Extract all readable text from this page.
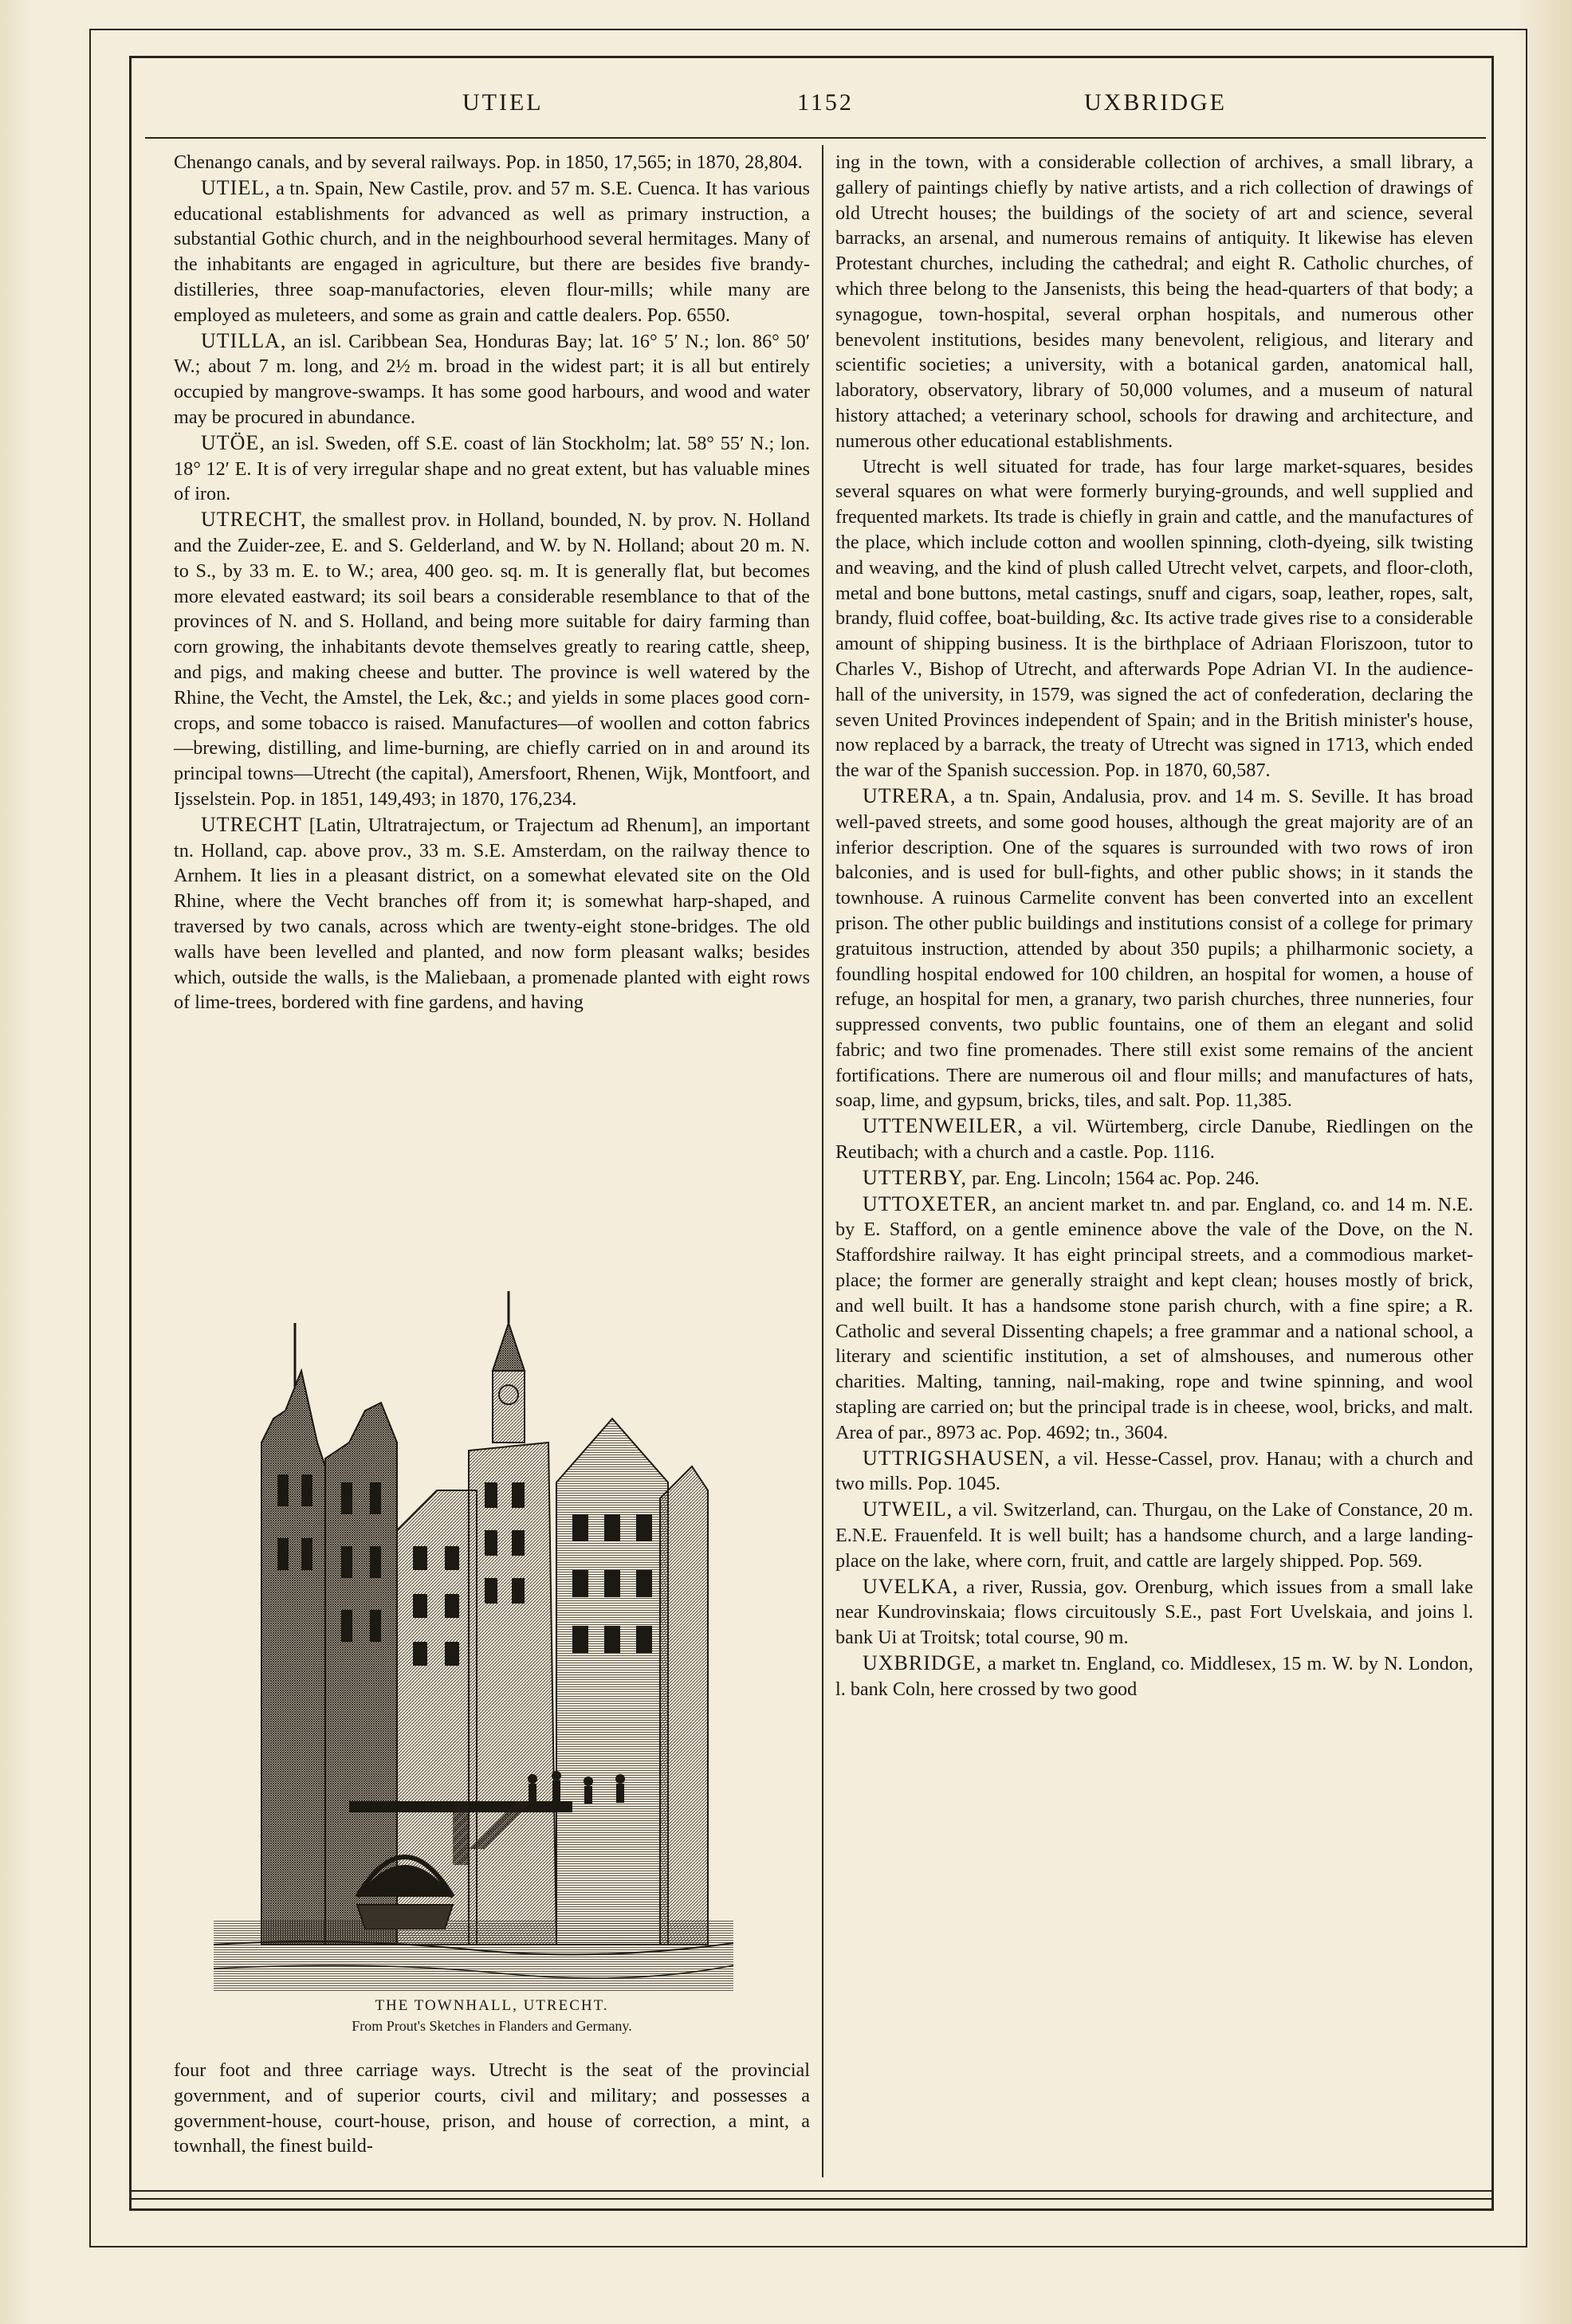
UTIEL	1152	UXBRIDGE

Chenango canals, and by several railways. Pop. in 1850, 17,565; in 1870, 28,804.

UTIEL, a tn. Spain, New Castile, prov. and 57 m. S.E. Cuenca. It has various educational establishments for advanced as well as primary instruction, a substantial Gothic church, and in the neighbourhood several hermitages. Many of the inhabitants are engaged in agriculture, but there are besides five brandy-distilleries, three soap-manufactories, eleven flour-mills; while many are employed as muleteers, and some as grain and cattle dealers. Pop. 6550.

UTILLA, an isl. Caribbean Sea, Honduras Bay; lat. 16° 5′ N.; lon. 86° 50′ W.; about 7 m. long, and 2½ m. broad in the widest part; it is all but entirely occupied by mangrove-swamps. It has some good harbours, and wood and water may be procured in abundance.

UTÖE, an isl. Sweden, off S.E. coast of län Stockholm; lat. 58° 55′ N.; lon. 18° 12′ E. It is of very irregular shape and no great extent, but has valuable mines of iron.

UTRECHT, the smallest prov. in Holland, bounded, N. by prov. N. Holland and the Zuider-zee, E. and S. Gelderland, and W. by N. Holland; about 20 m. N. to S., by 33 m. E. to W.; area, 400 geo. sq. m. It is generally flat, but becomes more elevated eastward; its soil bears a considerable resemblance to that of the provinces of N. and S. Holland, and being more suitable for dairy farming than corn growing, the inhabitants devote themselves greatly to rearing cattle, sheep, and pigs, and making cheese and butter. The province is well watered by the Rhine, the Vecht, the Amstel, the Lek, &c.; and yields in some places good corn-crops, and some tobacco is raised. Manufactures—of woollen and cotton fabrics—brewing, distilling, and lime-burning, are chiefly carried on in and around its principal towns—Utrecht (the capital), Amersfoort, Rhenen, Wijk, Montfoort, and Ijsselstein. Pop. in 1851, 149,493; in 1870, 176,234.

UTRECHT [Latin, Ultratrajectum, or Trajectum ad Rhenum], an important tn. Holland, cap. above prov., 33 m. S.E. Amsterdam, on the railway thence to Arnhem. It lies in a pleasant district, on a somewhat elevated site on the Old Rhine, where the Vecht branches off from it; is somewhat harp-shaped, and traversed by two canals, across which are twenty-eight stone-bridges. The old walls have been levelled and planted, and now form pleasant walks; besides which, outside the walls, is the Maliebaan, a promenade planted with eight rows of lime-trees, bordered with fine gardens, and having

THE TOWNHALL, UTRECHT.
From Prout's Sketches in Flanders and Germany.

four foot and three carriage ways. Utrecht is the seat of the provincial government, and of superior courts, civil and military; and possesses a government-house, court-house, prison, and house of correction, a mint, a townhall, the finest build-

ing in the town, with a considerable collection of archives, a small library, a gallery of paintings chiefly by native artists, and a rich collection of drawings of old Utrecht houses; the buildings of the society of art and science, several barracks, an arsenal, and numerous remains of antiquity. It likewise has eleven Protestant churches, including the cathedral; and eight R. Catholic churches, of which three belong to the Jansenists, this being the head-quarters of that body; a synagogue, town-hospital, several orphan hospitals, and numerous other benevolent institutions, besides many benevolent, religious, and literary and scientific societies; a university, with a botanical garden, anatomical hall, laboratory, observatory, library of 50,000 volumes, and a museum of natural history attached; a veterinary school, schools for drawing and architecture, and numerous other educational establishments.

Utrecht is well situated for trade, has four large market-squares, besides several squares on what were formerly burying-grounds, and well supplied and frequented markets. Its trade is chiefly in grain and cattle, and the manufactures of the place, which include cotton and woollen spinning, cloth-dyeing, silk twisting and weaving, and the kind of plush called Utrecht velvet, carpets, and floor-cloth, metal and bone buttons, metal castings, snuff and cigars, soap, leather, ropes, salt, brandy, fluid coffee, boat-building, &c. Its active trade gives rise to a considerable amount of shipping business. It is the birthplace of Adriaan Floriszoon, tutor to Charles V., Bishop of Utrecht, and afterwards Pope Adrian VI. In the audience-hall of the university, in 1579, was signed the act of confederation, declaring the seven United Provinces independent of Spain; and in the British minister's house, now replaced by a barrack, the treaty of Utrecht was signed in 1713, which ended the war of the Spanish succession. Pop. in 1870, 60,587.

UTRERA, a tn. Spain, Andalusia, prov. and 14 m. S. Seville. It has broad well-paved streets, and some good houses, although the great majority are of an inferior description. One of the squares is surrounded with two rows of iron balconies, and is used for bull-fights, and other public shows; in it stands the townhouse. A ruinous Carmelite convent has been converted into an excellent prison. The other public buildings and institutions consist of a college for primary gratuitous instruction, attended by about 350 pupils; a philharmonic society, a foundling hospital endowed for 100 children, an hospital for women, a house of refuge, an hospital for men, a granary, two parish churches, three nunneries, four suppressed convents, two public fountains, one of them an elegant and solid fabric; and two fine promenades. There still exist some remains of the ancient fortifications. There are numerous oil and flour mills; and manufactures of hats, soap, lime, and gypsum, bricks, tiles, and salt. Pop. 11,385.

UTTENWEILER, a vil. Würtemberg, circle Danube, Riedlingen on the Reutibach; with a church and a castle. Pop. 1116.

UTTERBY, par. Eng. Lincoln; 1564 ac. Pop. 246.

UTTOXETER, an ancient market tn. and par. England, co. and 14 m. N.E. by E. Stafford, on a gentle eminence above the vale of the Dove, on the N. Staffordshire railway. It has eight principal streets, and a commodious market-place; the former are generally straight and kept clean; houses mostly of brick, and well built. It has a handsome stone parish church, with a fine spire; a R. Catholic and several Dissenting chapels; a free grammar and a national school, a literary and scientific institution, a set of almshouses, and numerous other charities. Malting, tanning, nail-making, rope and twine spinning, and wool stapling are carried on; but the principal trade is in cheese, wool, bricks, and malt. Area of par., 8973 ac. Pop. 4692; tn., 3604.

UTTRIGSHAUSEN, a vil. Hesse-Cassel, prov. Hanau; with a church and two mills. Pop. 1045.

UTWEIL, a vil. Switzerland, can. Thurgau, on the Lake of Constance, 20 m. E.N.E. Frauenfeld. It is well built; has a handsome church, and a large landing-place on the lake, where corn, fruit, and cattle are largely shipped. Pop. 569.

UVELKA, a river, Russia, gov. Orenburg, which issues from a small lake near Kundrovinskaia; flows circuitously S.E., past Fort Uvelskaia, and joins l. bank Ui at Troitsk; total course, 90 m.

UXBRIDGE, a market tn. England, co. Middlesex, 15 m. W. by N. London, l. bank Coln, here crossed by two good
